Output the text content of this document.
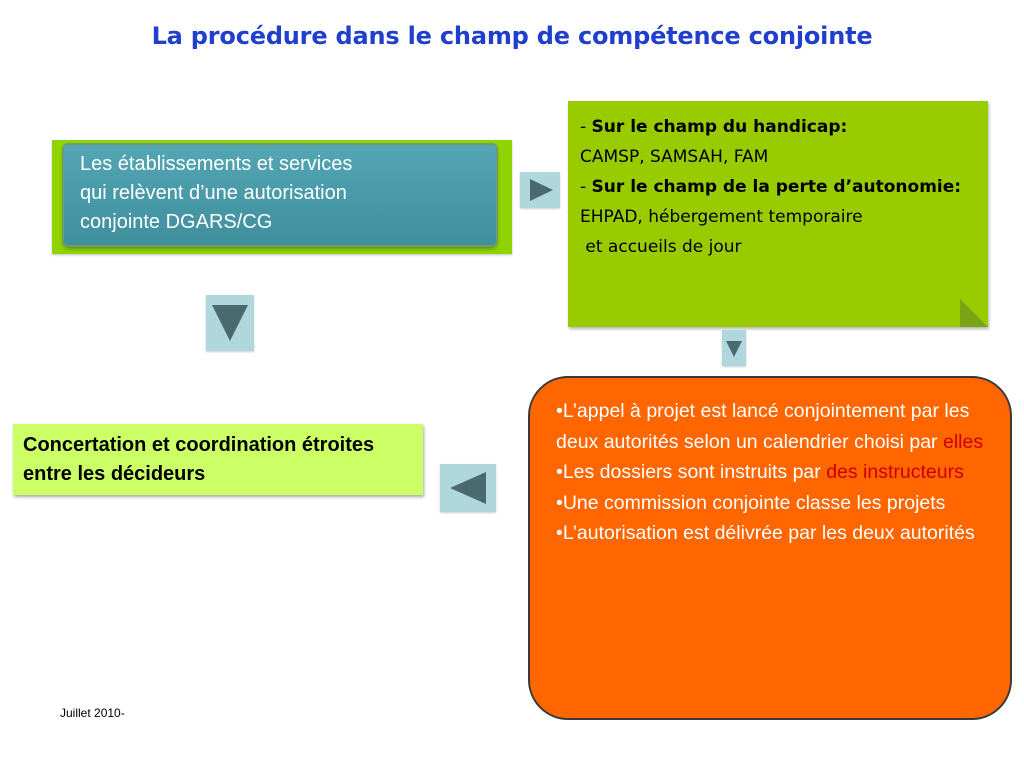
La procédure dans le champ de compétence conjointe
Les établissements et services
qui relèvent d’une autorisation
conjointe DGARS/CG
- Sur le champ du handicap:
CAMSP, SAMSAH, FAM
- Sur le champ de la perte d’autonomie:
EHPAD, hébergement temporaire
et accueils de jour
•L’appel à projet est lancé conjointement par les deux autorités selon un calendrier choisi par elles
•Les dossiers sont instruits par des instructeurs
•Une commission conjointe classe les projets
•L’autorisation est délivrée par les deux autorités
Concertation et coordination étroites entre les décideurs
Juillet 2010-
